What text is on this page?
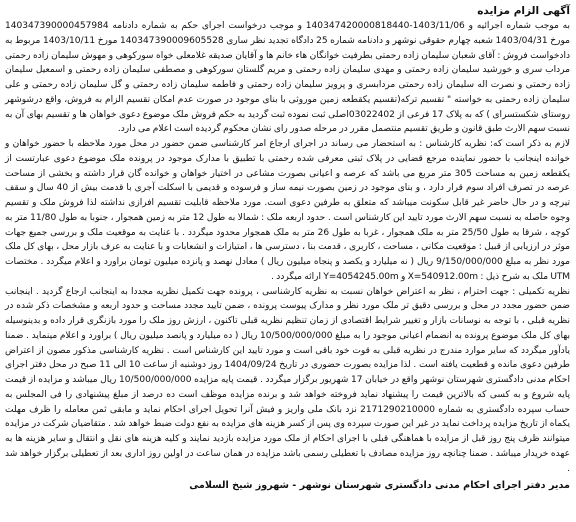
آگهی الزام مزایده

به موجب شماره اجرائیه و 1403/11/06-140347420000818440 و موجب درخواست اجرای حکم به شماره دادنامه 140347390000457984 مورخ 1403/04/31 شعبه چهارم حقوقی نوشهر و دادنامه شماره 25 دادگاه تجدید نظر ساری 140347390009605528 مورخ 1403/10/11 مربوط به دادخواست فروش : آقای شعبان سلیمان زاده رحمتی بطرفیت خوانگان هاء خانم ها و آقایان صدیقه غلامعلی خواه سورکوهی و مهوش سلیمان زاده رحمتی مرداب سری و خورشید سلیمان زاده رحمتی و مهدی سلیمان زاده رحمتی و مریم گلستان سورکوهی و مصطفی سلیمان زاده رحمتی و اسمعیل سلیمان زاده رحمتی و نصرت اله سلیمان زاده رحمتی مردابسری و پرویز سلیمان زاده رحمتی و فاطمه سلیمان زاده رحمتی و گل سلیمان زاده رحمتی و علی سلیمان زاده رحمتی به خواسته " تقسیم ترکه(تقسیم یکقطعه زمین موروثی با بنای موجود در صورت عدم امکان تقسیم الزام به فروش، واقع درشوشهر روستای شکستسرای ) که به پلاک 17 فرعی از 03022402اصلی ثبت نموده ثبت گردید به حکم فروش ملک موضوع دعوی خواهان ها و تقسیم بهای آن به نسبت سهم الارث طبق قانون و طریق تقسیم منتصمل مقرر در مرحله صدور رای نشان محکوم گردیده است اعلام می دارد.

لازم به ذکر است که: نظریه کارشناس : به استحضار می رساند در اجرای ارجاع امر کارشناسی ضمن حضور در محل مورد ملاحظه با حضور خواهان و خوانده اینجانب با حضور نماینده مرجع قضایی در پلاک ثبتی معرفی شده رحمتی با تطبیق با مدارک موجود در پرونده ملک موضوع دعوی عبارتست از یکقطعه زمین به مساحت 305 متر مربع می باشد که عرصه و اعیانی بصورت مشاعی در اختیار خواهان و خوانده گان قرار داشته و بخشی از مساحت عرصه در تصرف افراد سوم قرار دارد ، و بنای موجود در زمین بصورت نیمه ساز و فرسوده و قدیمی با اسکلت آجری با قدمت بیش از 40 سال و سقف تیرچه و در حال حاضر غیر قابل سکونت میباشد که متعلق به طرفین دعوی است. مورد ملاحظه قابلیت تقسیم افرازی نداشته لذا فروش ملک و تقسیم وجوه حاصله به نسبت سهم الارث مورد تایید این کارشناس است . حدود اربعه ملک : شمالا به طول 12 متر به زمین همجوار ، جنوبا به طول 11/80 متر به کوچه ، شرقا به طول 25/50 متر به ملک همجوار ، غربا به طول 26 متر به ملک همجوار محدود میگردد . با عنایت به موقعیت ملک و بررسی جمیع جهات موثر در ارزیابی از قبیل : موقعیت مکانی ، مساحت ، کاربری ، قدمت بنا ، دسترسی ها ، امتیازات و انشعابات و با عنایت به عرف بازار محل ، بهای کل ملک مورد نظر به مبلغ 9/150/000/000 ریال ( نه میلیارد و یکصد و پنجاه میلیون ریال ) معادل نهصد و پانزده میلیون تومان براورد و اعلام میگردد . مختصات UTM ملک به شرح ذیل : X=540912.00m و Y=4054245.00m ارائه میگردد .

نظریه تکمیلی : جهت احترام ، نظر به اعتراض خواهان نسبت به نظریه کارشناسی ، پرونده جهت تکمیل نظریه مجددا به اینجانب ارجاع گردید . اینجانب ضمن حضور مجدد در محل و بررسی دقیق تر ملک مورد نظر و مدارک پیوست پرونده ، ضمن تایید مجدد مساحت و حدود اربعه و مشخصات ذکر شده در نظریه قبلی ، با توجه به نوسانات بازار و تغییر شرایط اقتصادی از زمان تنظیم نظریه قبلی تاکنون ، ارزش روز ملک را مورد بازنگری قرار داده و بدینوسیله بهای کل ملک موضوع پرونده به انضمام اعیانی موجود را به مبلغ 10/500/000/000 ریال ( ده میلیارد و پانصد میلیون ریال ) براورد و اعلام مینماید . ضمنا یادآور میگردد که سایر موارد مندرج در نظریه قبلی به قوت خود باقی است و مورد تایید این کارشناس است . نظریه کارشناسی مذکور مصون از اعتراض طرفین دعوی مانده و قطعیت یافته است . لذا مزایده بصورت حضوری در تاریخ 1404/09/24 روز دوشنبه از ساعت 10 الی 11 صبح در محل دفتر اجرای احکام مدنی دادگستری شهرستان نوشهر واقع در خیابان 17 شهریور برگزار میگردد . قیمت پایه مزایده 10/500/000/000 ریال میباشد و مزایده از قیمت پایه شروع و به کسی که بالاترین قیمت را پیشنهاد نماید فروخته خواهد شد و برنده مزایده موظف است ده درصد از مبلغ پیشنهادی را فی المجلس به حساب سپرده دادگستری به شماره 2171290210000 نزد بانک ملی واریز و فیش آنرا تحویل اجرای احکام نماید و مابقی ثمن معامله را ظرف مهلت یکماه از تاریخ مزایده پرداخت نماید در غیر این صورت سپرده وی پس از کسر هزینه های مزایده به نفع دولت ضبط خواهد شد . متقاضیان شرکت در مزایده میتوانند ظرف پنج روز قبل از مزایده با هماهنگی قبلی با اجرای احکام از ملک مورد مزایده بازدید نمایند و کلیه هزینه های نقل و انتقال و سایر هزینه ها به عهده خریدار میباشد . ضمنا چنانچه روز مزایده مصادف با تعطیلی رسمی باشد مزایده در همان ساعت در اولین روز اداری بعد از تعطیلی برگزار خواهد شد .

مدیر دفتر اجرای احکام مدنی دادگستری شهرستان نوشهر - شهروز شیخ السلامی
